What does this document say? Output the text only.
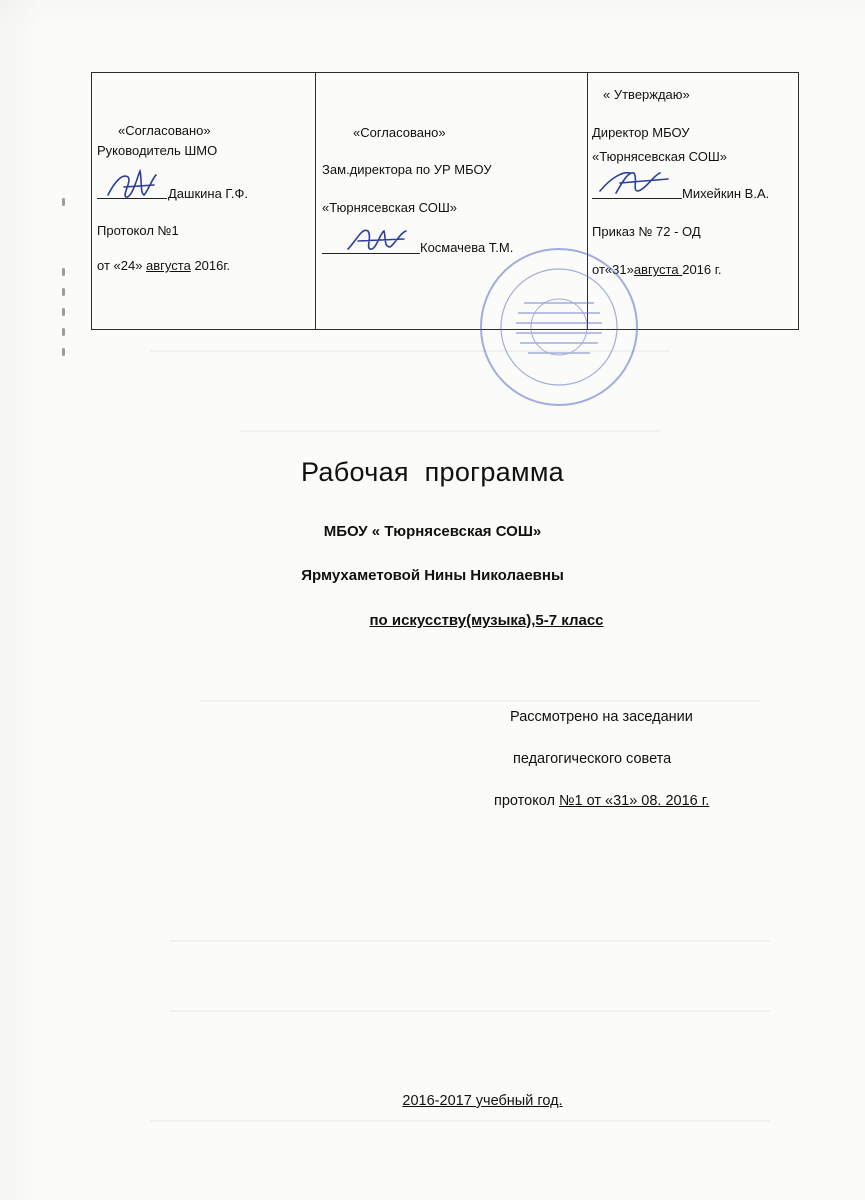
«Согласовано»
Руководитель ШМО
Дашкина Г.Ф.
Протокол №1
от «24» августа 2016г.
«Согласовано»
Зам.директора по УР МБОУ
«Тюрнясевская СОШ»
Космачева Т.М.
« Утверждаю»
Директор МБОУ
«Тюрнясевская СОШ»
Михейкин В.А.
Приказ № 72 - ОД
от«31»августа 2016 г.
Рабочая программа
МБОУ « Тюрнясевская СОШ»
Ярмухаметовой Нины Николаевны
по искусству(музыка),5-7 класс
Рассмотрено на заседании
педагогического совета
протокол №1 от «31» 08. 2016 г.
2016-2017 учебный год.
